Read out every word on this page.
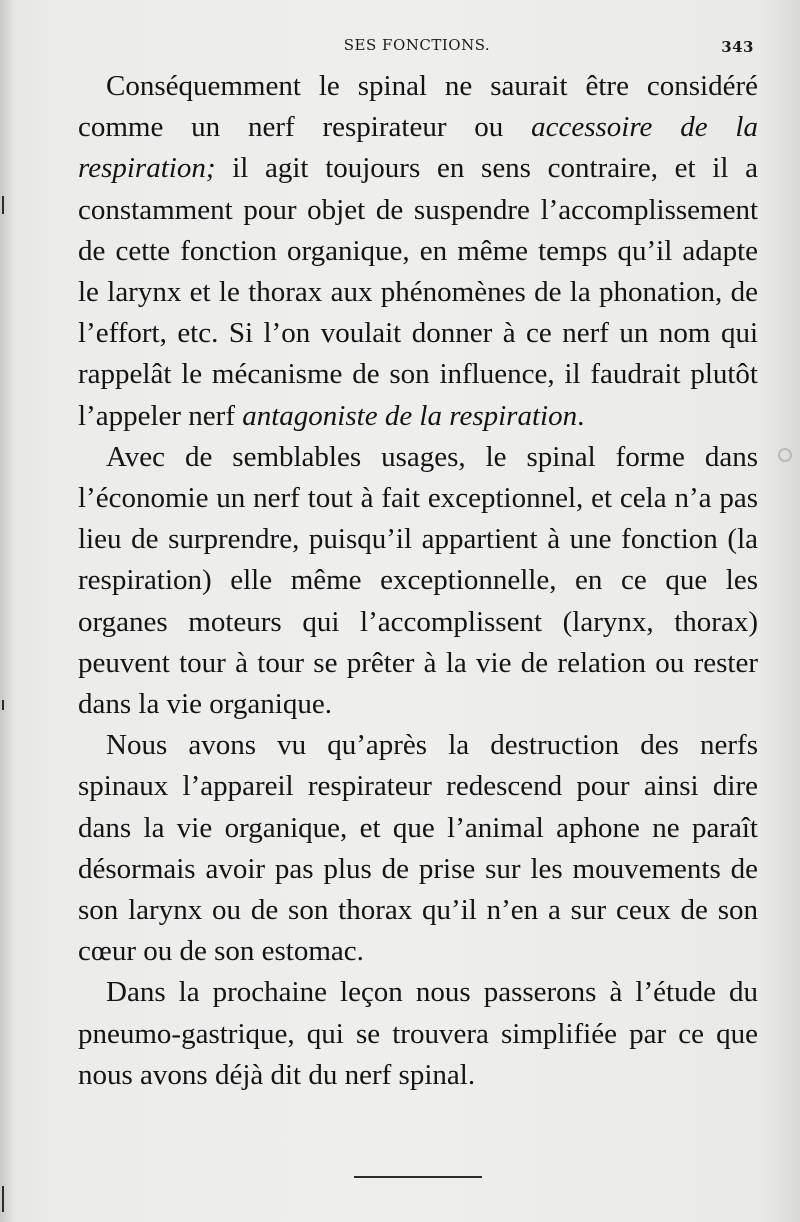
SES FONCTIONS.	343

Conséquemment le spinal ne saurait être considéré comme un nerf respirateur ou accessoire de la respiration; il agit toujours en sens contraire, et il a constamment pour objet de suspendre l’accomplissement de cette fonction organique, en même temps qu’il adapte le larynx et le thorax aux phénomènes de la phonation, de l’effort, etc. Si l’on voulait donner à ce nerf un nom qui rappelât le mécanisme de son influence, il faudrait plutôt l’appeler nerf antagoniste de la respiration.

Avec de semblables usages, le spinal forme dans l’économie un nerf tout à fait exceptionnel, et cela n’a pas lieu de surprendre, puisqu’il appartient à une fonction (la respiration) elle même exceptionnelle, en ce que les organes moteurs qui l’accomplissent (larynx, thorax) peuvent tour à tour se prêter à la vie de relation ou rester dans la vie organique.

Nous avons vu qu’après la destruction des nerfs spinaux l’appareil respirateur redescend pour ainsi dire dans la vie organique, et que l’animal aphone ne paraît désormais avoir pas plus de prise sur les mouvements de son larynx ou de son thorax qu’il n’en a sur ceux de son cœur ou de son estomac.

Dans la prochaine leçon nous passerons à l’étude du pneumo-gastrique, qui se trouvera simplifiée par ce que nous avons déjà dit du nerf spinal.
